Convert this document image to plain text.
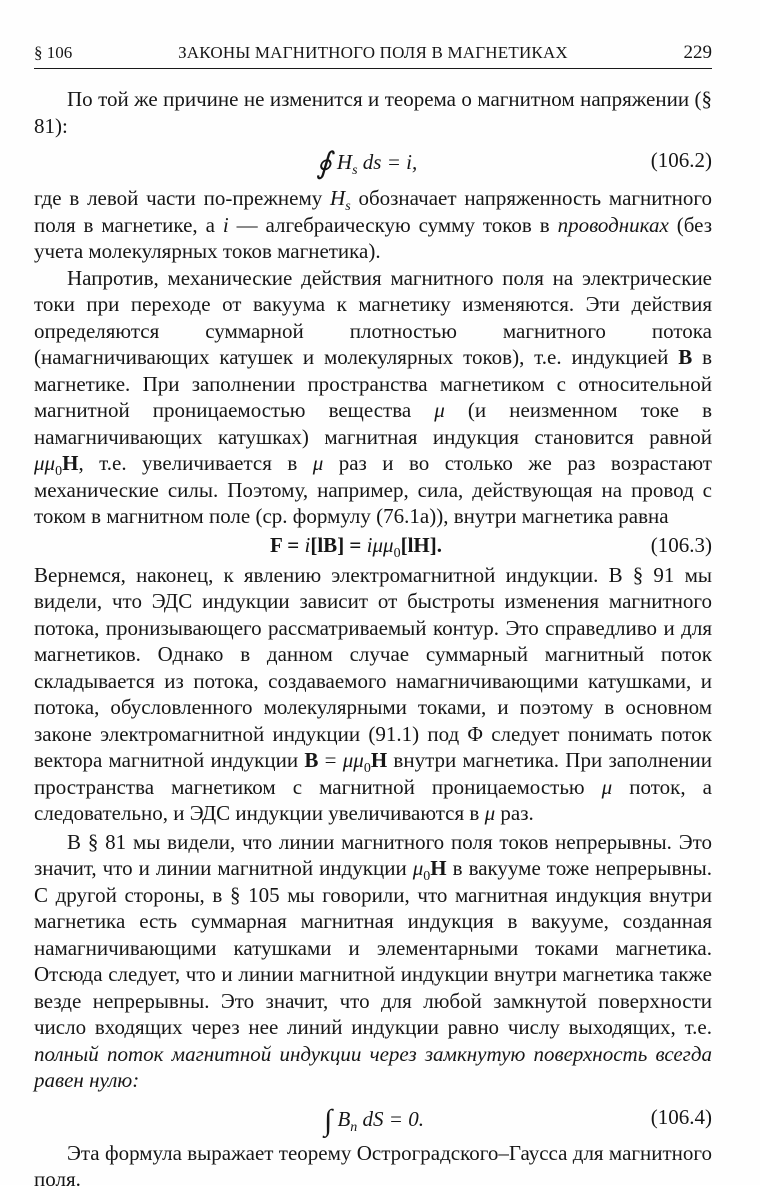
§ 106	ЗАКОНЫ МАГНИТНОГО ПОЛЯ В МАГНЕТИКАХ	229

По той же причине не изменится и теорема о магнитном напряжении (§ 81):

∮ $H_s$ ds = i,	(106.2)

где в левой части по-прежнему $H_s$ обозначает напряженность магнитного поля в магнетике, а i — алгебраическую сумму токов в проводниках (без учета молекулярных токов магнетика).

Напротив, механические действия магнитного поля на электрические токи при переходе от вакуума к магнетику изменяются. Эти действия определяются суммарной плотностью магнитного потока (намагничивающих катушек и молекулярных токов), т.е. индукцией B в магнетике. При заполнении пространства магнетиком с относительной магнитной проницаемостью вещества μ (и неизменном токе в намагничивающих катушках) магнитная индукция становится равной $\mu\mu_0H$, т.е. увеличивается в μ раз и во столько же раз возрастают механические силы. Поэтому, например, сила, действующая на провод с током в магнитном поле (ср. формулу (76.1а)), внутри магнетика равна

F = i[lB] = iμμ$_0$[lH].	(106.3)

Вернемся, наконец, к явлению электромагнитной индукции. В § 91 мы видели, что ЭДС индукции зависит от быстроты изменения магнитного потока, пронизывающего рассматриваемый контур. Это справедливо и для магнетиков. Однако в данном случае суммарный магнитный поток складывается из потока, создаваемого намагничивающими катушками, и потока, обусловленного молекулярными токами, и поэтому в основном законе электромагнитной индукции (91.1) под Φ следует понимать поток вектора магнитной индукции $B = \mu\mu_0H$ внутри магнетика. При заполнении пространства магнетиком с магнитной проницаемостью μ поток, а следовательно, и ЭДС индукции увеличиваются в μ раз.

В § 81 мы видели, что линии магнитного поля токов непрерывны. Это значит, что и линии магнитной индукции $\mu_0H$ в вакууме тоже непрерывны. С другой стороны, в § 105 мы говорили, что магнитная индукция внутри магнетика есть суммарная магнитная индукция в вакууме, созданная намагничивающими катушками и элементарными токами магнетика. Отсюда следует, что и линии магнитной индукции внутри магнетика также везде непрерывны. Это значит, что для любой замкнутой поверхности число входящих через нее линий индукции равно числу выходящих, т.е. полный поток магнитной индукции через замкнутую поверхность всегда равен нулю:

∫ $B_n$ dS = 0.	(106.4)

Эта формула выражает теорему Остроградского–Гаусса для магнитного поля.
